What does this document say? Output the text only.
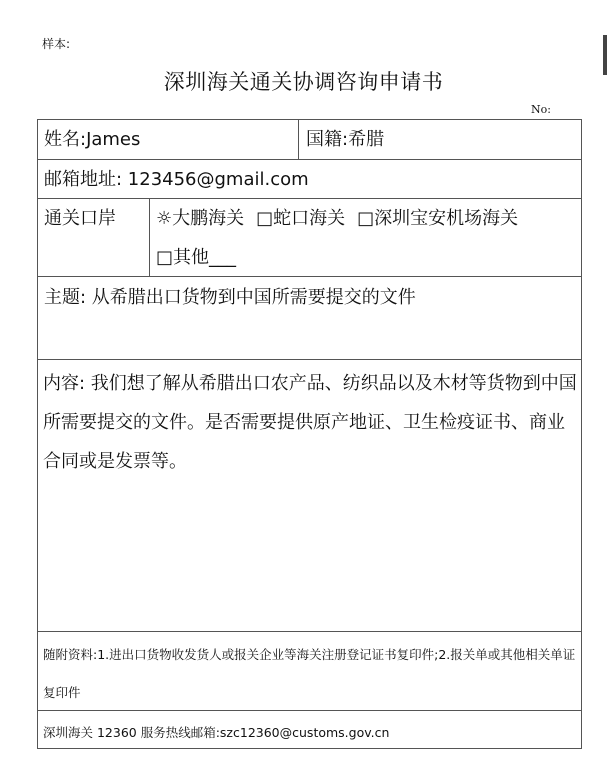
样本:
深圳海关通关协调咨询申请书
No:
姓名:James	国籍:希腊
邮箱地址: 123456@gmail.com
通关口岸 ☼大鹏海关 □蛇口海关 □深圳宝安机场海关
□其他___
主题: 从希腊出口货物到中国所需要提交的文件
内容: 我们想了解从希腊出口农产品、纺织品以及木材等货物到中国所需要提交的文件。是否需要提供原产地证、卫生检疫证书、商业合同或是发票等。
随附资料:1.进出口货物收发货人或报关企业等海关注册登记证书复印件;2.报关单或其他相关单证复印件
深圳海关 12360 服务热线邮箱:szc12360@customs.gov.cn
